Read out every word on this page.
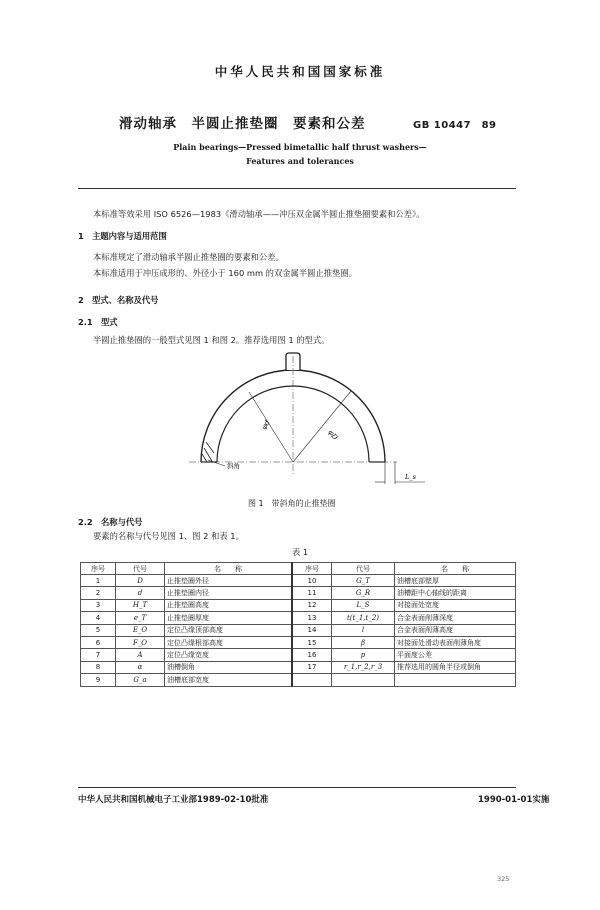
中华人民共和国国家标准
滑动轴承　半圆止推垫圈　要素和公差	GB 10447　89
Plain bearings—Pressed bimetallic half thrust washers—
Features and tolerances
本标准等效采用 ISO 6526—1983《滑动轴承——冲压双金属半圆止推垫圈要素和公差》。
1　主题内容与适用范围
本标准规定了滑动轴承半圆止推垫圈的要素和公差。
本标准适用于冲压成形的、外径小于 160 mm 的双金属半圆止推垫圈。
2　型式、名称及代号
2.1　型式
半圆止推垫圈的一般型式见图 1 和图 2。推荐选用图 1 的型式。
φd
φD
斜角
L_s
图 1　带斜角的止推垫圈
2.2　名称与代号
要素的名称与代号见图 1、图 2 和表 1。
表 1
序号	代号	名　　称	序号	代号	名　　称
1	D	止推垫圈外径	10	G_T	油槽底部壁厚
2	d	止推垫圈内径	11	G_R	油槽距中心轴线的距离
3	H_T	止推垫圈高度	12	L_S	对接面处宽度
4	e_T	止推垫圈厚度	13	t(t_1,t_2)	合金表面削薄深度
5	E_O	定位凸缘顶部高度	14	l	合金表面削薄高度
6	F_O	定位凸缘根部高度	15	β	对接面处滑动表面削薄角度
7	A	定位凸缘宽度	16	p	平面度公差
8	α	油槽倒角	17	r_1,r_2,r_3	推荐选用的圆角半径或倒角
9	G_a	油槽底部宽度			
中华人民共和国机械电子工业部1989-02-10批准	1990-01-01实施
325
